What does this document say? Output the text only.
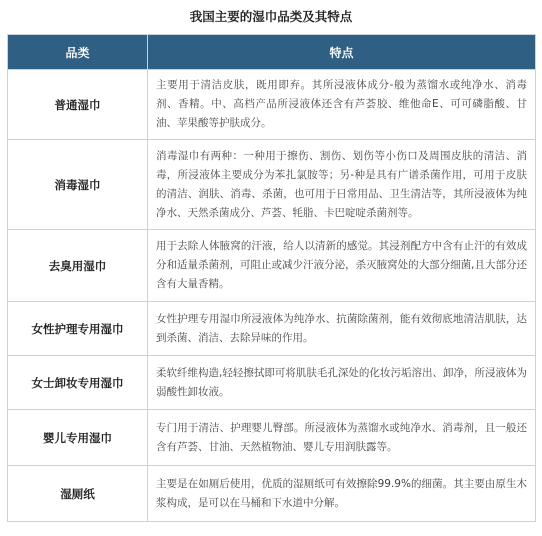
我国主要的湿巾品类及其特点
品类	特点
普通湿巾	主要用于清洁皮肤，既用即弃。其所浸液体成分-般为蒸馏水或纯净水、消毒剂、香精。中、高档产品所浸液体还含有芦荟胶、维他命E、可可磷脂酸、甘油、苹果酸等护肤成分。
消毒湿巾	消毒湿巾有两种：一种用于擦伤、割伤、划伤等小伤口及周围皮肤的清洁、消毒，所浸液体主要成分为苯扎氯胺等；另-种是具有广谱杀菌作用，可用于皮肤的清洁、润肤、消毒、杀菌，也可用于日常用品、卫生清洁等，其所浸液体为纯净水、天然杀菌成分、芦荟、牦脂、卡巴啶啶杀菌剂等。
去臭用湿巾	用于去除人体腋窝的汗液，给人以清新的感觉。其浸剂配方中含有止汗的有效成分和适量杀菌剂，可阻止或减少汗液分泌，杀灭腋窝处的大部分细菌,且大部分还含有大量香精。
女性护理专用湿巾	女性护理专用湿巾所浸液体为纯净水、抗菌除菌剂，能有效彻底地清洁肌肤，达到杀菌、消洁、去除异味的作用。
女士卸妆专用湿巾	柔软纤维构造,轻轻擦拭即可将肌肤毛孔深处的化妆污垢溶出、卸净，所浸液体为弱酸性卸妆液。
婴儿专用湿巾	专门用于清洁、护理婴儿臀部。所浸液体为蒸馏水或纯净水、消毒剂，且一般还含有芦荟、甘油、天然植物油、婴儿专用润肤露等。
湿厕纸	主要是在如厕后使用，优质的湿厕纸可有效擦除99.9%的细菌。其主要由原生木浆构成，是可以在马桶和下水道中分解。
